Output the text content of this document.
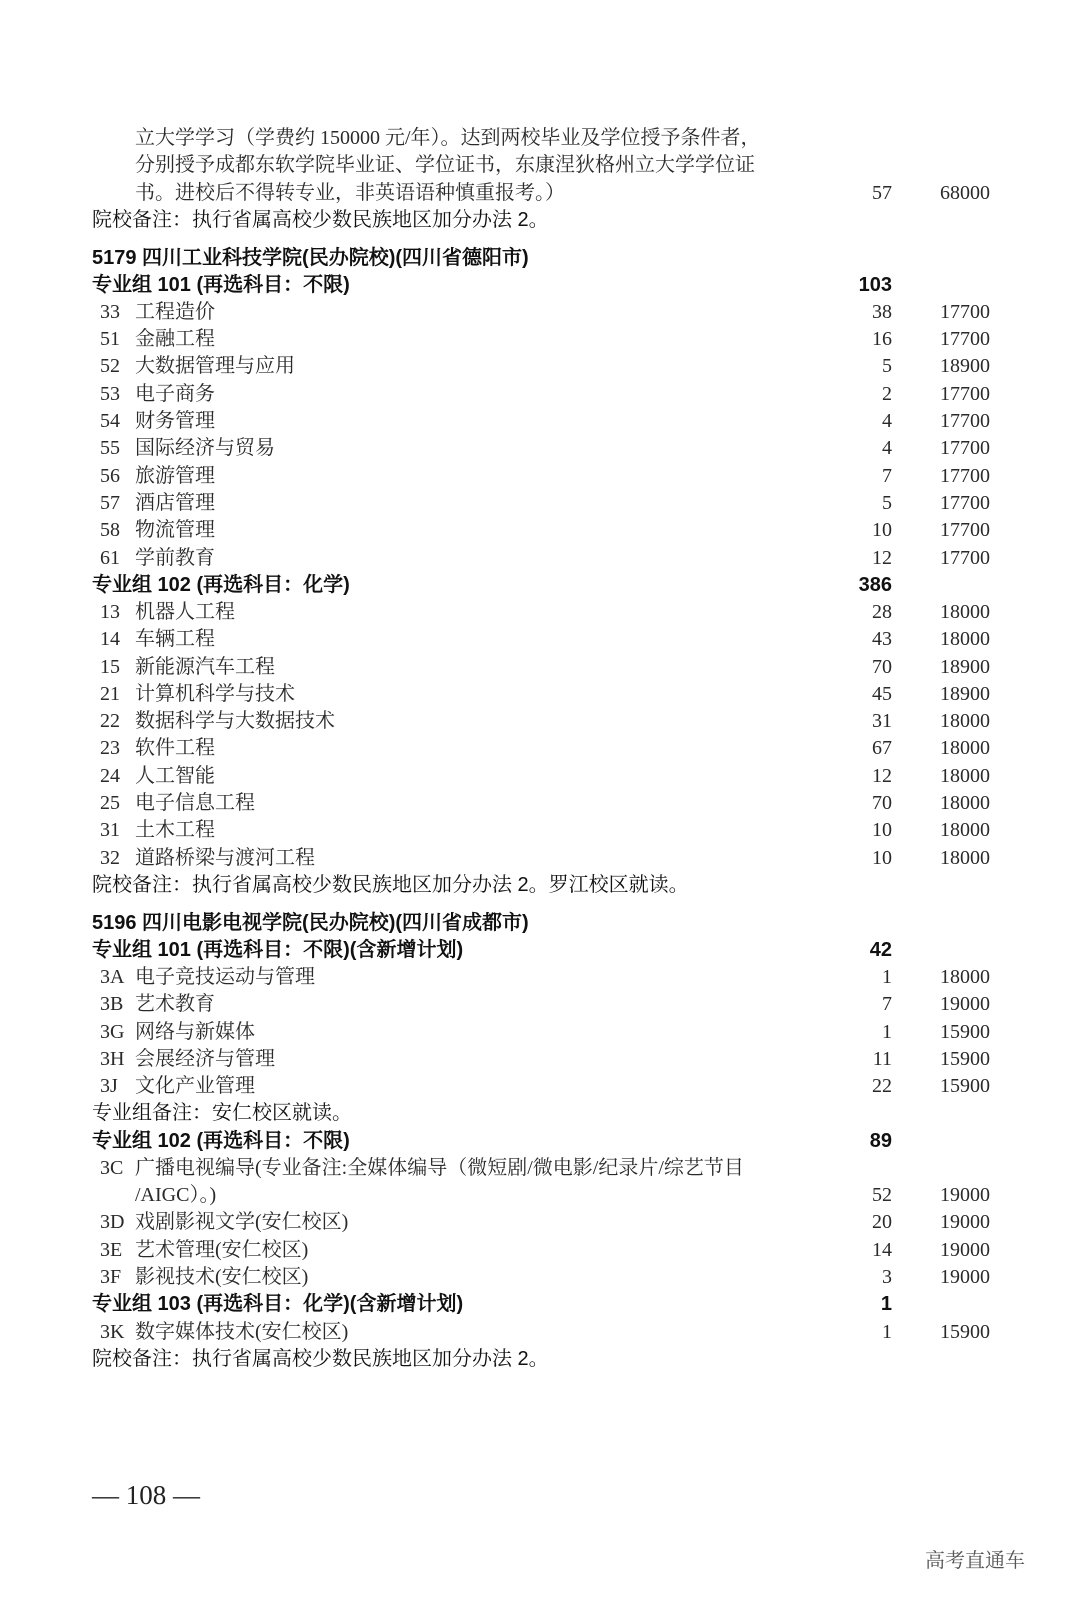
立大学学习（学费约 150000 元/年）。达到两校毕业及学位授予条件者，
分别授予成都东软学院毕业证、学位证书，东康涅狄格州立大学学位证
书。进校后不得转专业，非英语语种慎重报考。）	57	68000
院校备注：执行省属高校少数民族地区加分办法 2。
5179 四川工业科技学院(民办院校)(四川省德阳市)
专业组 101 (再选科目：不限)	103
33 工程造价	38	17700
51 金融工程	16	17700
52 大数据管理与应用	5	18900
53 电子商务	2	17700
54 财务管理	4	17700
55 国际经济与贸易	4	17700
56 旅游管理	7	17700
57 酒店管理	5	17700
58 物流管理	10	17700
61 学前教育	12	17700
专业组 102 (再选科目：化学)	386
13 机器人工程	28	18000
14 车辆工程	43	18000
15 新能源汽车工程	70	18900
21 计算机科学与技术	45	18900
22 数据科学与大数据技术	31	18000
23 软件工程	67	18000
24 人工智能	12	18000
25 电子信息工程	70	18000
31 土木工程	10	18000
32 道路桥梁与渡河工程	10	18000
院校备注：执行省属高校少数民族地区加分办法 2。罗江校区就读。
5196 四川电影电视学院(民办院校)(四川省成都市)
专业组 101 (再选科目：不限)(含新增计划)	42
3A 电子竞技运动与管理	1	18000
3B 艺术教育	7	19000
3G 网络与新媒体	1	15900
3H 会展经济与管理	11	15900
3J 文化产业管理	22	15900
专业组备注：安仁校区就读。
专业组 102 (再选科目：不限)	89
3C 广播电视编导(专业备注:全媒体编导（微短剧/微电影/纪录片/综艺节目
/AIGC）。)	52	19000
3D 戏剧影视文学(安仁校区)	20	19000
3E 艺术管理(安仁校区)	14	19000
3F 影视技术(安仁校区)	3	19000
专业组 103 (再选科目：化学)(含新增计划)	1
3K 数字媒体技术(安仁校区)	1	15900
院校备注：执行省属高校少数民族地区加分办法 2。
— 108 —
高考直通车
